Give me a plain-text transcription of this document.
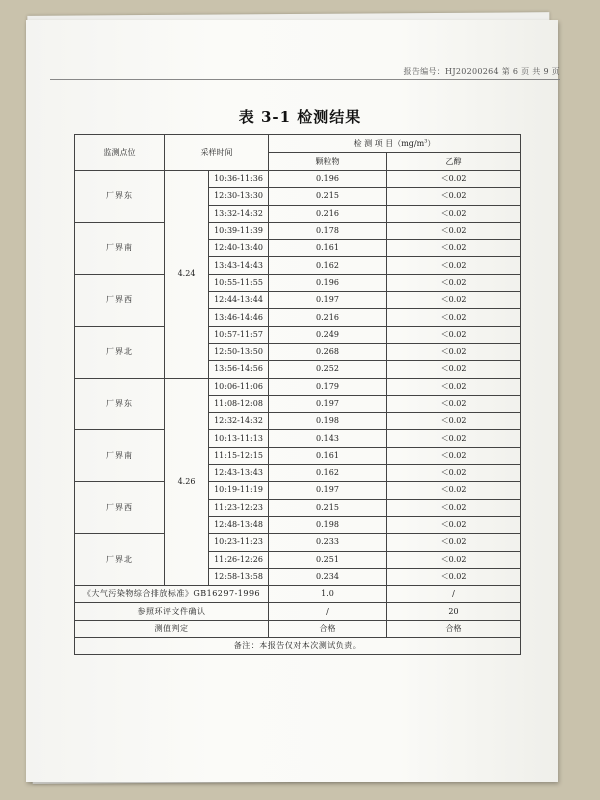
报告编号：HJ20200264 第 6 页 共 9 页
表 3-1 检测结果
监测点位	采样时间		检 测 项 目$(mg/m^3)$	
			颗粒物	乙醇
厂界东	4.24	10:36-11:36	0.196	＜0.02
		12:30-13:30	0.215	＜0.02
		13:32-14:32	0.216	＜0.02
厂界南		10:39-11:39	0.178	＜0.02
		12:40-13:40	0.161	＜0.02
		13:43-14:43	0.162	＜0.02
厂界西		10:55-11:55	0.196	＜0.02
		12:44-13:44	0.197	＜0.02
		13:46-14:46	0.216	＜0.02
厂界北		10:57-11:57	0.249	＜0.02
		12:50-13:50	0.268	＜0.02
		13:56-14:56	0.252	＜0.02
厂界东	4.26	10:06-11:06	0.179	＜0.02
		11:08-12:08	0.197	＜0.02
		12:32-14:32	0.198	＜0.02
厂界南		10:13-11:13	0.143	＜0.02
		11:15-12:15	0.161	＜0.02
		12:43-13:43	0.162	＜0.02
厂界西		10:19-11:19	0.197	＜0.02
		11:23-12:23	0.215	＜0.02
		12:48-13:48	0.198	＜0.02
厂界北		10:23-11:23	0.233	＜0.02
		11:26-12:26	0.251	＜0.02
		12:58-13:58	0.234	＜0.02
《大气污染物综合排放标准》GB16297-1996			1.0	/
参照环评文件确认			/	20
测值判定			合格	合格
备注：本报告仅对本次测试负责。				
